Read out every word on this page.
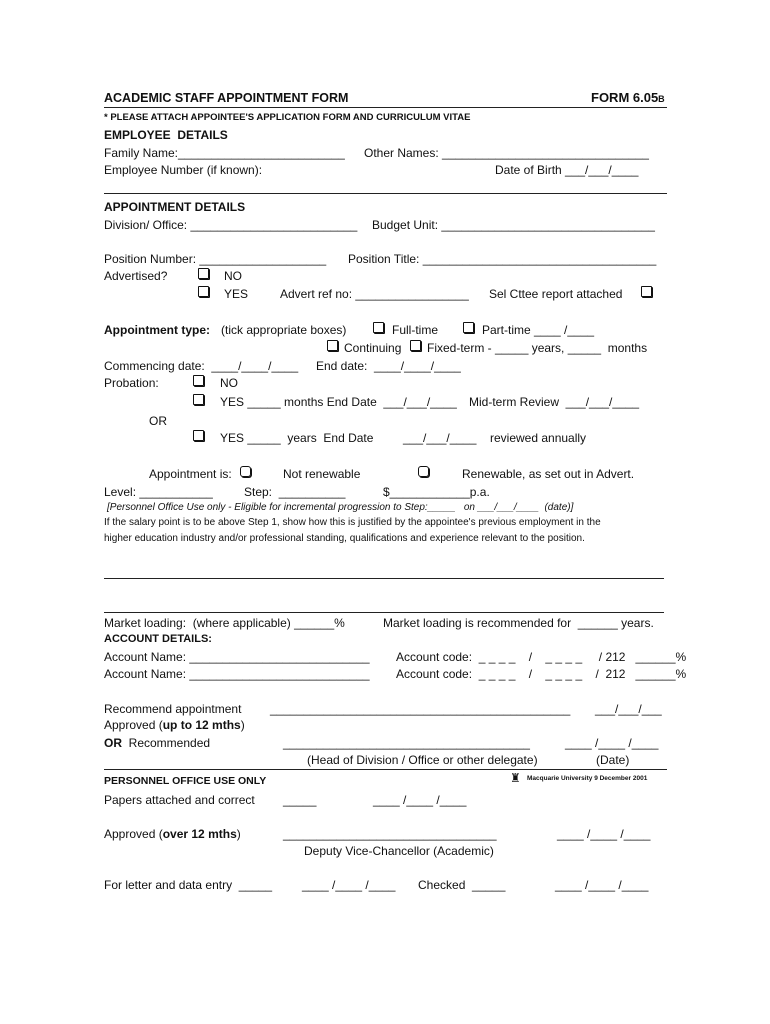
ACADEMIC STAFF APPOINTMENT FORM	FORM 6.05b
* PLEASE ATTACH APPOINTEE'S APPLICATION FORM AND CURRICULUM VITAE
EMPLOYEE  DETAILS
Family Name:_________________________ Other Names: _______________________________
Employee Number (if known):	Date of Birth ___/___/____
APPOINTMENT DETAILS
Division/ Office: _________________________ Budget Unit: ________________________________
Position Number: ___________________ Position Title: ___________________________________
Advertised?	NO
YES	Advert ref no: _________________ Sel Cttee report attached
Appointment type: (tick appropriate boxes)	Full-time	Part-time ____ /____
Continuing Fixed-term - _____ years, _____  months
Commencing date:  ____/____/____ End date:  ____/____/____
Probation:	NO
YES _____ months End Date  ___/___/____ Mid-term Review  ___/___/____
OR
YES _____  years  End Date ___/___/____ reviewed annually
Appointment is:	Not renewable	Renewable, as set out in Advert.
Level: ___________	Step:  __________	$____________p.a.
[Personnel Office Use only - Eligible for incremental progression to Step:_____   on ___/___/____  (date)]
If the salary point is to be above Step 1, show how this is justified by the appointee's previous employment in the
higher education industry and/or professional standing, qualifications and experience relevant to the position.
Market loading:  (where applicable) ______%	Market loading is recommended for  ______ years.
ACCOUNT DETAILS:
Account Name: ___________________________ Account code:  _ _ _ _    /    _ _ _ _     / 212   ______%
Account Name: ___________________________ Account code:  _ _ _ _    /    _ _ _ _    /  212   ______%
Recommend appointment _____________________________________________ ___/___/___
Approved (up to 12 mths)
OR  Recommended	_____________________________________	____ /____ /____
(Head of Division / Office or other delegate)	(Date)
PERSONNEL OFFICE USE ONLY	♜ Macquarie University 9 December 2001
Papers attached and correct _____	____ /____ /____
Approved (over 12 mths)	________________________________	____ /____ /____
Deputy Vice-Chancellor (Academic)
For letter and data entry  _____ ____ /____ /____ Checked  _____	____ /____ /____
